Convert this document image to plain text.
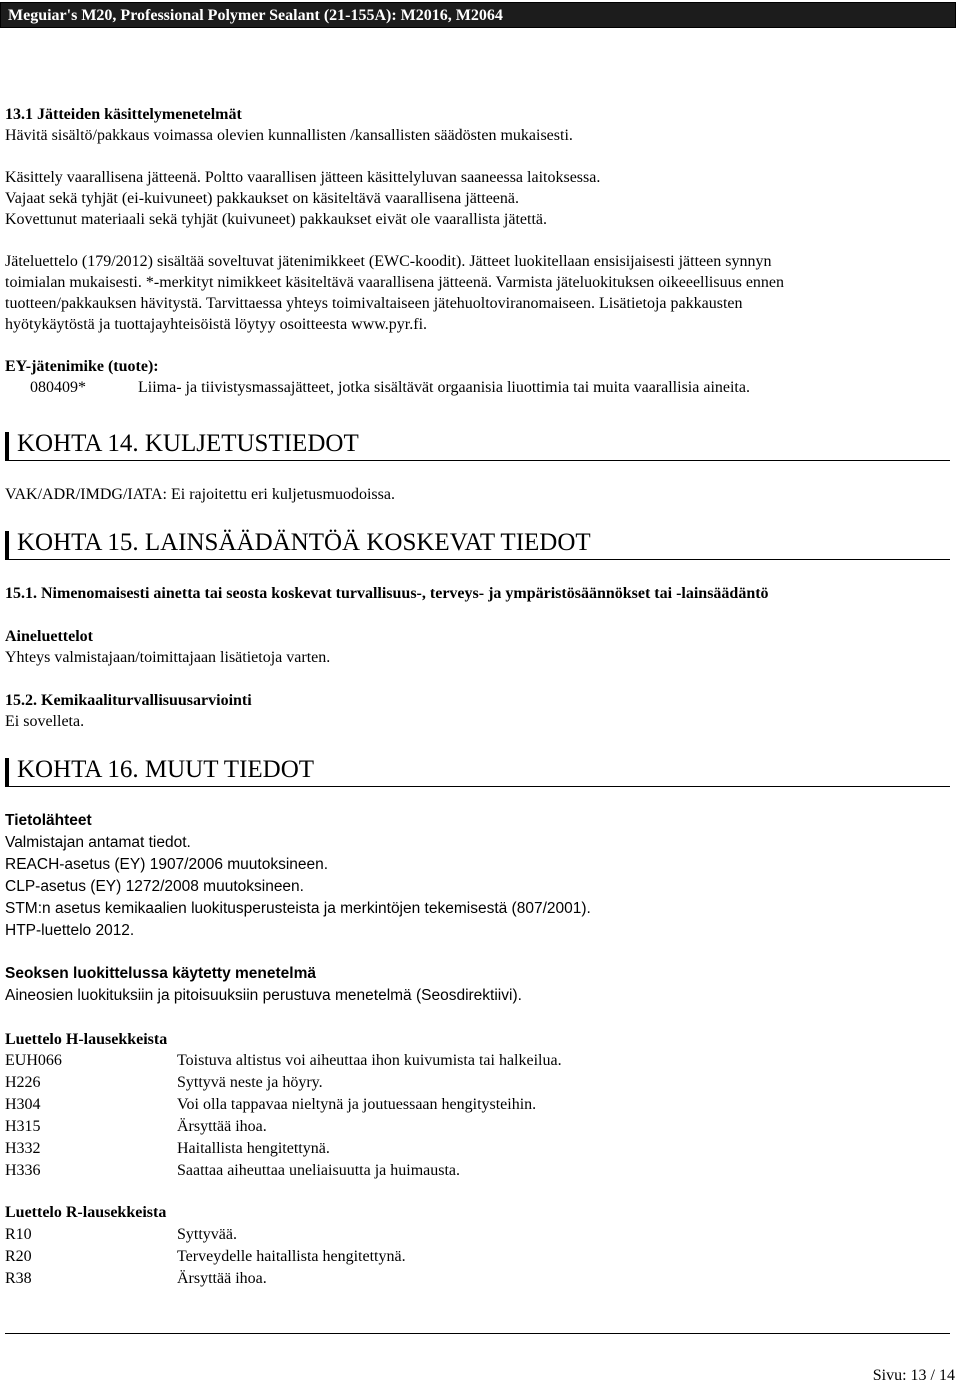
Meguiar's M20, Professional Polymer Sealant (21-155A): M2016, M2064
13.1 Jätteiden käsittelymenetelmät
Hävitä sisältö/pakkaus voimassa olevien kunnallisten /kansallisten säädösten mukaisesti.
Käsittely vaarallisena jätteenä. Poltto vaarallisen jätteen käsittelyluvan saaneessa laitoksessa.
Vajaat sekä tyhjät (ei-kuivuneet) pakkaukset on käsiteltävä vaarallisena jätteenä.
Kovettunut materiaali sekä tyhjät (kuivuneet) pakkaukset eivät ole vaarallista jätettä.
Jäteluettelo (179/2012) sisältää soveltuvat jätenimikkeet (EWC-koodit). Jätteet luokitellaan ensisijaisesti jätteen synnyn
toimialan mukaisesti. *-merkityt nimikkeet käsiteltävä vaarallisena jätteenä. Varmista jäteluokituksen oikeeellisuus ennen
tuotteen/pakkauksen hävitystä. Tarvittaessa yhteys toimivaltaiseen jätehuoltoviranomaiseen. Lisätietoja pakkausten
hyötykäytöstä ja tuottajayhteisöistä löytyy osoitteesta www.pyr.fi.
EY-jätenimike (tuote):
080409*	Liima- ja tiivistysmassajätteet, jotka sisältävät orgaanisia liuottimia tai muita vaarallisia aineita.
KOHTA 14. KULJETUSTIEDOT
VAK/ADR/IMDG/IATA: Ei rajoitettu eri kuljetusmuodoissa.
KOHTA 15. LAINSÄÄDÄNTÖÄ KOSKEVAT TIEDOT
15.1. Nimenomaisesti ainetta tai seosta koskevat turvallisuus-, terveys- ja ympäristösäännökset tai -lainsäädäntö
Aineluettelot
Yhteys valmistajaan/toimittajaan lisätietoja varten.
15.2. Kemikaaliturvallisuusarviointi
Ei sovelleta.
KOHTA 16. MUUT TIEDOT
Tietolähteet
Valmistajan antamat tiedot.
REACH-asetus (EY) 1907/2006 muutoksineen.
CLP-asetus (EY) 1272/2008 muutoksineen.
STM:n asetus kemikaalien luokitusperusteista ja merkintöjen tekemisestä (807/2001).
HTP-luettelo 2012.
Seoksen luokittelussa käytetty menetelmä
Aineosien luokituksiin ja pitoisuuksiin perustuva menetelmä (Seosdirektiivi).
Luettelo H-lausekkeista
EUH066	Toistuva altistus voi aiheuttaa ihon kuivumista tai halkeilua.
H226	Syttyvä neste ja höyry.
H304	Voi olla tappavaa nieltynä ja joutuessaan hengitysteihin.
H315	Ärsyttää ihoa.
H332	Haitallista hengitettynä.
H336	Saattaa aiheuttaa uneliaisuutta ja huimausta.
Luettelo R-lausekkeista
R10	Syttyvää.
R20	Terveydelle haitallista hengitettynä.
R38	Ärsyttää ihoa.
Sivu: 13 / 14
